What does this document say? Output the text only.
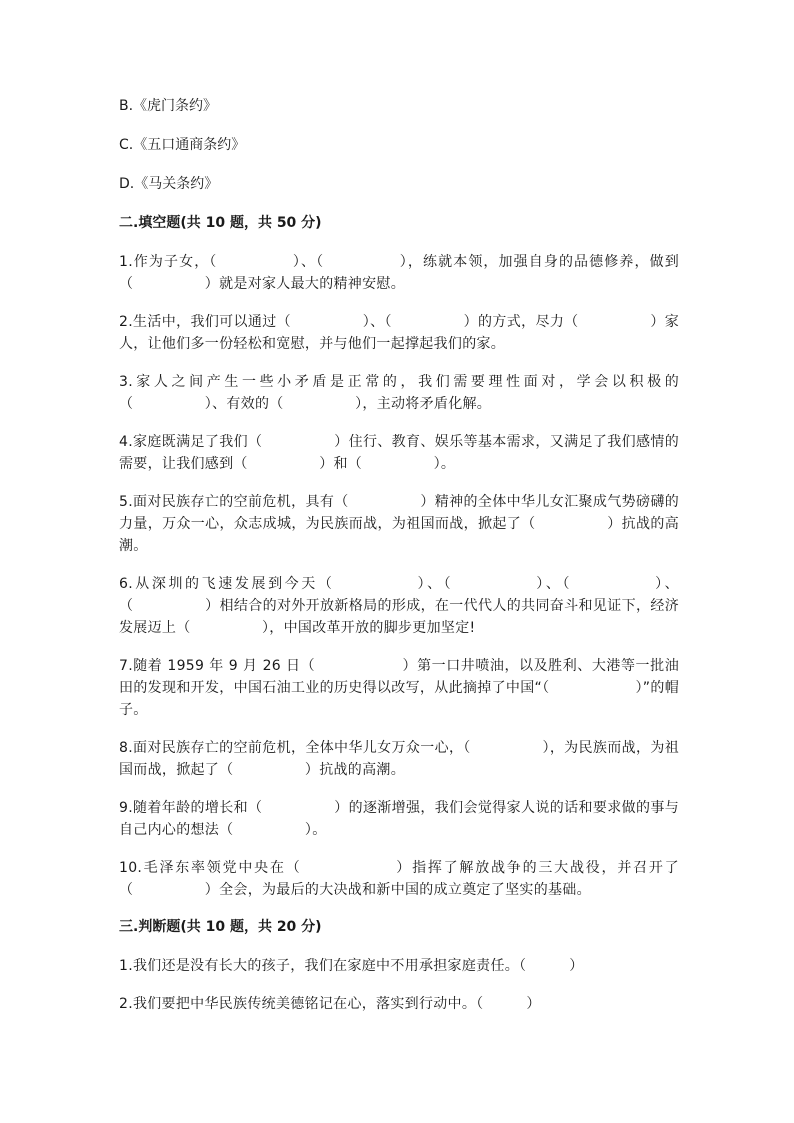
B.《虎门条约》
C.《五口通商条约》
D.《马关条约》
二.填空题(共 10 题，共 50 分)
1.作为子女，（　　　　　）、（　　　　　），练就本领，加强自身的品德修养，做到（　　　　　）就是对家人最大的精神安慰。
2.生活中，我们可以通过（　　　　　）、（　　　　　）的方式，尽力（　　　　　）家人，让他们多一份轻松和宽慰，并与他们一起撑起我们的家。
3.家人之间产生一些小矛盾是正常的，我们需要理性面对，学会以积极的（　　　　　）、有效的（　　　　　），主动将矛盾化解。
4.家庭既满足了我们（　　　　　）住行、教育、娱乐等基本需求，又满足了我们感情的需要，让我们感到（　　　　　）和（　　　　　）。
5.面对民族存亡的空前危机，具有（　　　　　）精神的全体中华儿女汇聚成气势磅礴的力量，万众一心，众志成城，为民族而战，为祖国而战，掀起了（　　　　　）抗战的高潮。
6.从深圳的飞速发展到今天（　　　　　）、（　　　　　）、（　　　　　）、（　　　　　）相结合的对外开放新格局的形成，在一代代人的共同奋斗和见证下，经济发展迈上（　　　　　），中国改革开放的脚步更加坚定!
7.随着 1959 年 9 月 26 日（　　　　　　）第一口井喷油，以及胜利、大港等一批油田的发现和开发，中国石油工业的历史得以改写，从此摘掉了中国“（　　　　　　）”的帽子。
8.面对民族存亡的空前危机，全体中华儿女万众一心，（　　　　　），为民族而战，为祖国而战，掀起了（　　　　　）抗战的高潮。
9.随着年龄的增长和（　　　　　）的逐渐增强，我们会觉得家人说的话和要求做的事与自己内心的想法（　　　　　）。
10.毛泽东率领党中央在（　　　　　　）指挥了解放战争的三大战役，并召开了（　　　　　）全会，为最后的大决战和新中国的成立奠定了坚实的基础。
三.判断题(共 10 题，共 20 分)
1.我们还是没有长大的孩子，我们在家庭中不用承担家庭责任。（　　　）
2.我们要把中华民族传统美德铭记在心，落实到行动中。（　　　）
